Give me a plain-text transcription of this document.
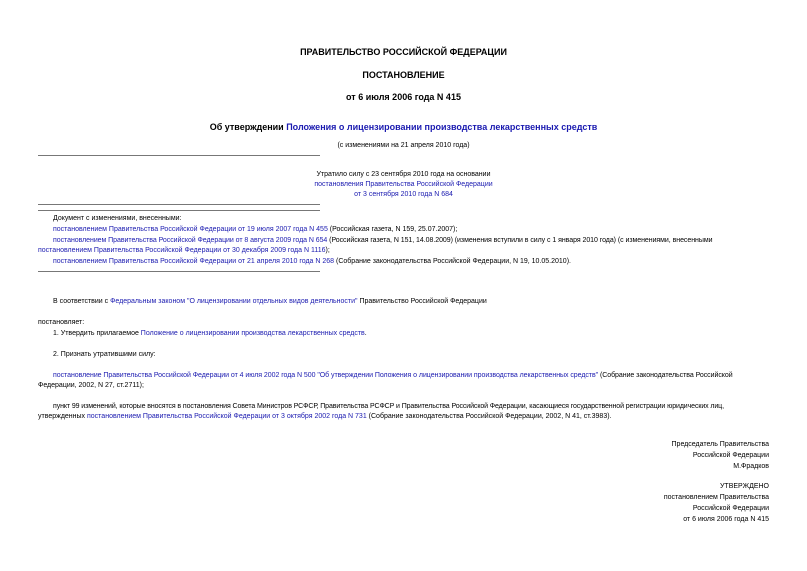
ПРАВИТЕЛЬСТВО РОССИЙСКОЙ ФЕДЕРАЦИИ
ПОСТАНОВЛЕНИЕ
от 6 июля 2006 года N 415
Об утверждении Положения о лицензировании производства лекарственных средств
(с изменениями на 21 апреля 2010 года)
Утратило силу с 23 сентября 2010 года на основании
постановления Правительства Российской Федерации
от 3 сентября 2010 года N 684
Документ с изменениями, внесенными:
постановлением Правительства Российской Федерации от 19 июля 2007 года N 455 (Российская газета, N 159, 25.07.2007);
постановлением Правительства Российской Федерации от 8 августа 2009 года N 654 (Российская газета, N 151, 14.08.2009) (изменения вступили в силу с 1 января 2010 года) (с изменениями, внесенными
постановлением Правительства Российской Федерации от 30 декабря 2009 года N 1116);
постановлением Правительства Российской Федерации от 21 апреля 2010 года N 268 (Собрание законодательства Российской Федерации, N 19, 10.05.2010).
В соответствии с Федеральным законом "О лицензировании отдельных видов деятельности" Правительство Российской Федерации
постановляет:
1. Утвердить прилагаемое Положение о лицензировании производства лекарственных средств.
2. Признать утратившими силу:
постановление Правительства Российской Федерации от 4 июля 2002 года N 500 "Об утверждении Положения о лицензировании производства лекарственных средств" (Собрание законодательства Российской
Федерации, 2002, N 27, ст.2711);
пункт 99 изменений, которые вносятся в постановления Совета Министров РСФСР, Правительства РСФСР и Правительства Российской Федерации, касающиеся государственной регистрации юридических лиц,
утвержденных постановлением Правительства Российской Федерации от 3 октября 2002 года N 731 (Собрание законодательства Российской Федерации, 2002, N 41, ст.3983).
Председатель Правительства
Российской Федерации
М.Фрадков
УТВЕРЖДЕНО
постановлением Правительства
Российской Федерации
от 6 июля 2006 года N 415
